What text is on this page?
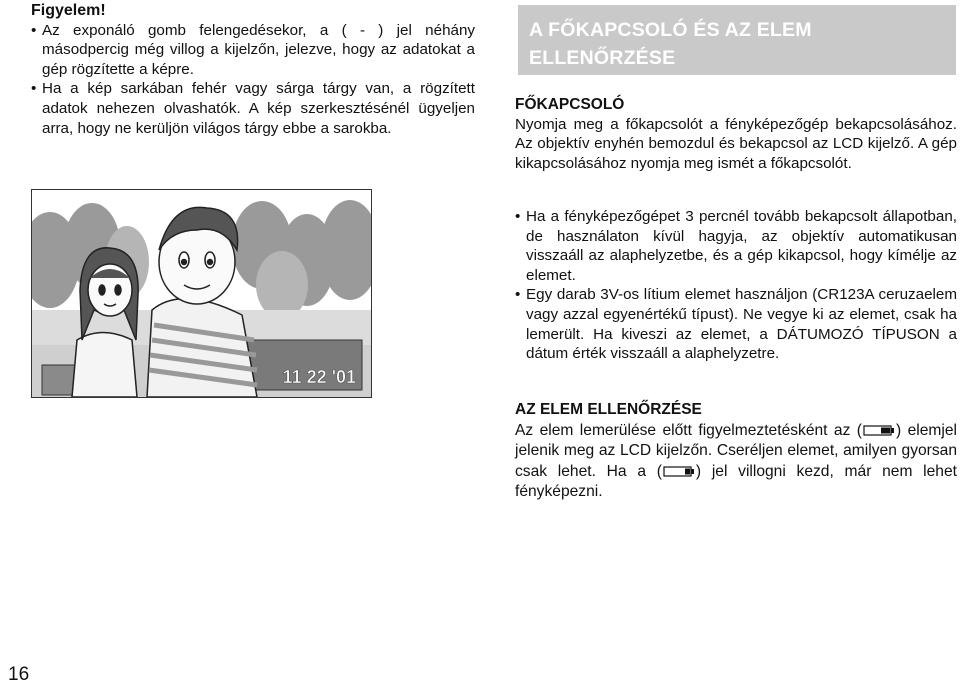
Figyelem!
• Az exponáló gomb felengedésekor, a ( - ) jel néhány másodpercig még villog a kijelzőn, jelezve, hogy az adatokat a gép rögzítette a képre.
• Ha a kép sarkában fehér vagy sárga tárgy van, a rögzített adatok nehezen olvashatók. A kép szerkesztésénél ügyeljen arra, hogy ne kerüljön világos tárgy ebbe a sarokba.
11 22 '01
A FŐKAPCSOLÓ ÉS AZ ELEM
ELLENŐRZÉSE
FŐKAPCSOLÓ

Nyomja meg a főkapcsolót a fényképezőgép bekapcsolásához. Az objektív enyhén bemozdul és bekapcsol az LCD kijelző. A gép kikapcsolásához nyomja meg ismét a főkapcsolót.

• Ha a fényképezőgépet 3 percnél tovább bekapcsolt állapotban, de használaton kívül hagyja, az objektív automatikusan visszaáll az alaphelyzetbe, és a gép kikapcsol, hogy kímélje az elemet.
• Egy darab 3V-os lítium elemet használjon (CR123A ceruzaelem vagy azzal egyenértékű típust). Ne vegye ki az elemet, csak ha lemerült. Ha kiveszi az elemet, a DÁTUMOZÓ TÍPUSON a dátum érték visszaáll a alaphelyzetre.
AZ ELEM ELLENŐRZÉSE

Az elem lemerülése előtt figyelmeztetésként az ( ) elemjel jelenik meg az LCD kijelzőn. Cseréljen elemet, amilyen gyorsan csak lehet. Ha a ( ) jel villogni kezd, már nem lehet fényképezni.

16
